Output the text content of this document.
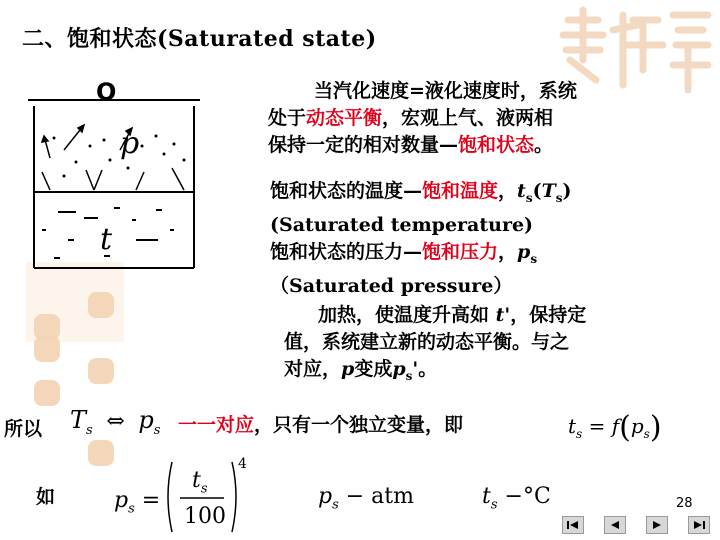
二、饱和状态(Saturated state)
O
p
t
当汽化速度=液化速度时，系统
处于动态平衡，宏观上气、液两相
保持一定的相对数量—饱和状态。
饱和状态的温度—饱和温度，$t_s(T_s)$
(Saturated temperature)
饱和状态的压力—饱和压力，$p_s$
（Saturated pressure）
加热，使温度升高如 t'，保持定
值，系统建立新的动态平衡。与之
对应，p变成$p_s'$。
所以 $T_s$ ⇔ $p_s$ 一一对应，只有一个独立变量，即	$t_s = f(p_s)$
如	$p_s$ =
$t_s$
100
4
$p_s$ − atm	$t_s -^\circ C$	28
